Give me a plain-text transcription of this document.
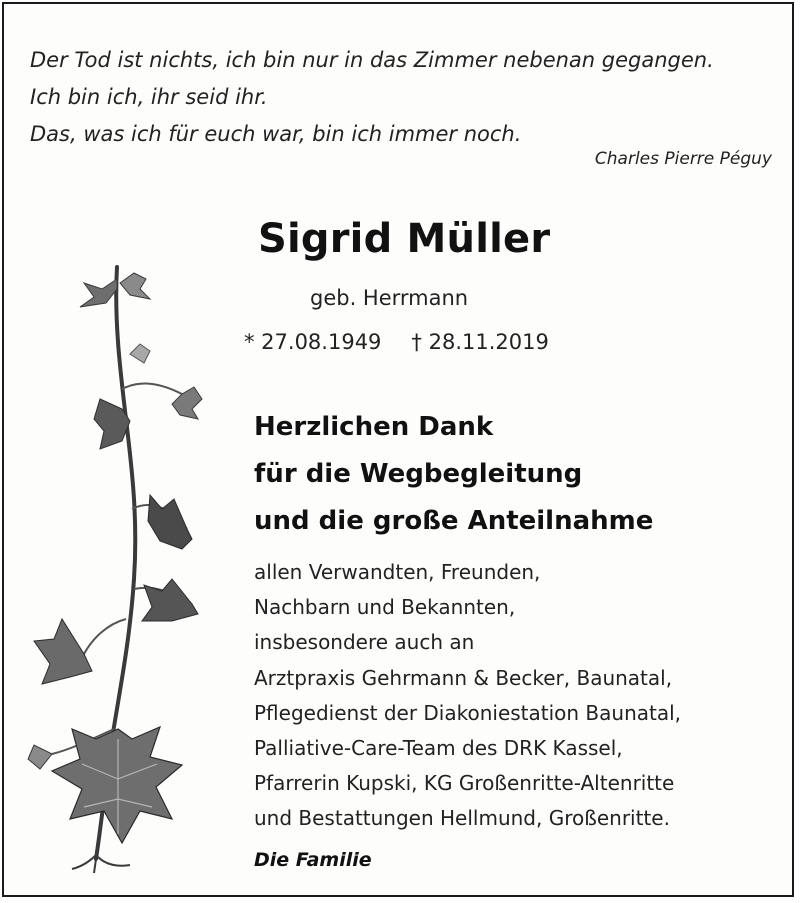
Der Tod ist nichts, ich bin nur in das Zimmer nebenan gegangen.
Ich bin ich, ihr seid ihr.
Das, was ich für euch war, bin ich immer noch.
Charles Pierre Péguy
Sigrid Müller
geb. Herrmann
* 27.08.1949 † 28.11.2019
Herzlichen Dank
für die Wegbegleitung
und die große Anteilnahme
allen Verwandten, Freunden,
Nachbarn und Bekannten,
insbesondere auch an
Arztpraxis Gehrmann & Becker, Baunatal,
Pflegedienst der Diakoniestation Baunatal,
Palliative-Care-Team des DRK Kassel,
Pfarrerin Kupski, KG Großenritte-Altenritte
und Bestattungen Hellmund, Großenritte.
Die Familie
